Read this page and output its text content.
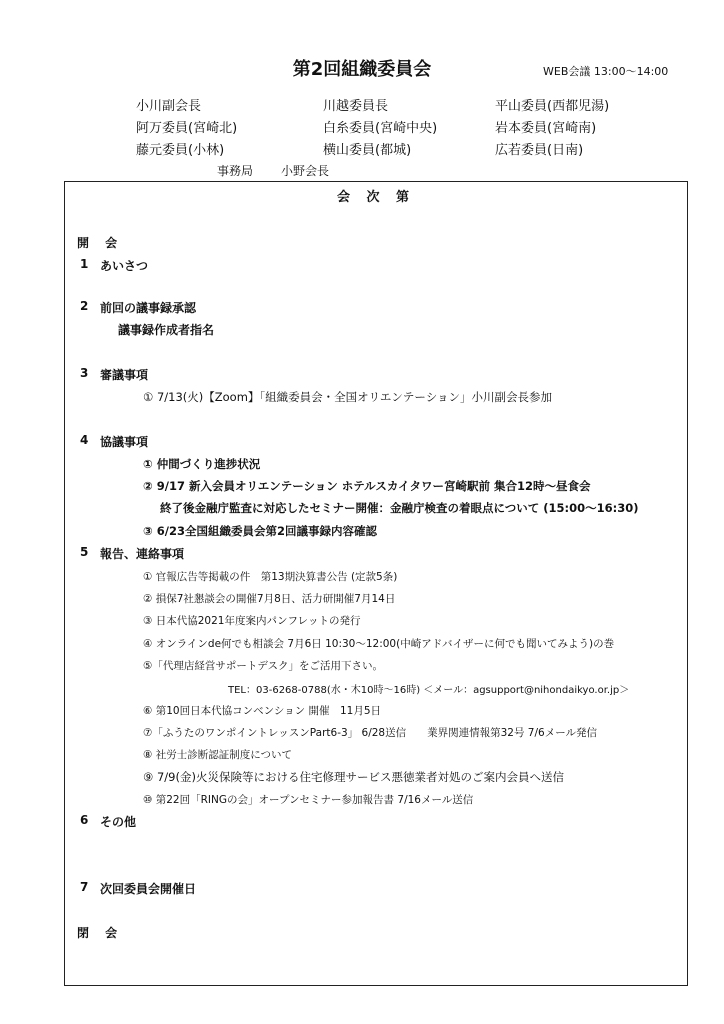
第2回組織委員会	WEB会議 13:00～14:00
小川副会長	川越委員長	平山委員(西都児湯)
阿万委員(宮崎北)	白糸委員(宮崎中央)	岩本委員(宮崎南)
藤元委員(小林)	横山委員(都城)	広若委員(日南)
事務局 小野会長
会 次 第
開 会
1 あいさつ
2 前回の議事録承認
議事録作成者指名
3 審議事項
① 7/13(火)【Zoom】「組織委員会・全国オリエンテーション」小川副会長参加
4 協議事項
① 仲間づくり進捗状況
② 9/17 新入会員オリエンテーション ホテルスカイタワー宮崎駅前 集合12時～昼食会
終了後金融庁監査に対応したセミナー開催：金融庁検査の着眼点について (15:00～16:30)
③ 6/23全国組織委員会第2回議事録内容確認
5 報告、連絡事項
① 官報広告等掲載の件　第13期決算書公告 (定款5条)
② 損保7社懇談会の開催7月8日、活力研開催7月14日
③ 日本代協2021年度案内パンフレットの発行
④ オンラインde何でも相談会 7月6日 10:30～12:00(中崎アドバイザーに何でも聞いてみよう)の巻
⑤「代理店経営サポートデスク」をご活用下さい。
TEL：03-6268-0788(水・木10時～16時) ＜メール：agsupport@nihondaikyo.or.jp＞
⑥ 第10回日本代協コンベンション 開催　11月5日
⑦「ふうたのワンポイントレッスンPart6-3」 6/28送信　　業界関連情報第32号 7/6メール発信
⑧ 社労士診断認証制度について
⑨ 7/9(金)火災保険等における住宅修理サービス悪徳業者対処のご案内会員へ送信
⑩ 第22回「RINGの会」オープンセミナー参加報告書 7/16メール送信
6 その他
7 次回委員会開催日
閉 会
